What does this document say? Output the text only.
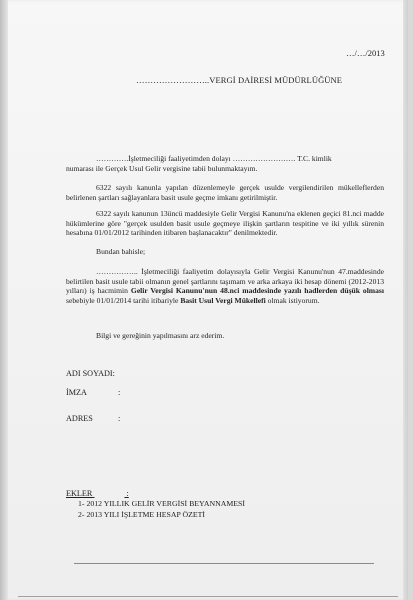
…/…/2013
……………………..VERGİ DAİRESİ MÜDÜRLÜĞÜNE
………….İşletmeciliği faaliyetimden dolayı ……………………. T.C. kimlik
numarası ile Gerçek Usul Gelir vergisine tabii bulunmaktayım.
6322 sayılı kanunla yapılan düzenlemeyle gerçek usulde vergilendirilen mükelleflerden belirlenen şartları sağlayanlara basit usule geçme imkanı getirilmiştir.
6322 sayılı kanunun 13üncü maddesiyle Gelir Vergisi Kanunu'na eklenen geçici 81.nci madde hükümlerine göre "gerçek usulden basit usule geçmeye ilişkin şartların tespitine ve iki yıllık sürenin hesabına 01/01/2012 tarihinden itibaren başlanacaktır" denilmektedir.
Bundan bahisle;
…………….. İşletmeciliği faaliyetim dolayısıyla Gelir Vergisi Kanunu'nun 47.maddesinde belirtilen basit usule tabii olmanın genel şartlarını taşımam ve arka arkaya iki hesap dönemi (2012-2013 yılları) iş hacmimin Gelir Vergisi Kanunu'nun 48.nci maddesinde yazılı hadlerden düşük olması sebebiyle 01/01/2014 tarihi itibariyle Basit Usul Vergi Mükellefi olmak istiyorum.
Bilgi ve gereğinin yapılmasını arz ederim.
ADI SOYADI:
İMZA	:
ADRES	:
EKLER	:
1- 2012 YILLIK GELİR VERGİSİ BEYANNAMESİ
2- 2013 YILI İŞLETME HESAP ÖZETİ
